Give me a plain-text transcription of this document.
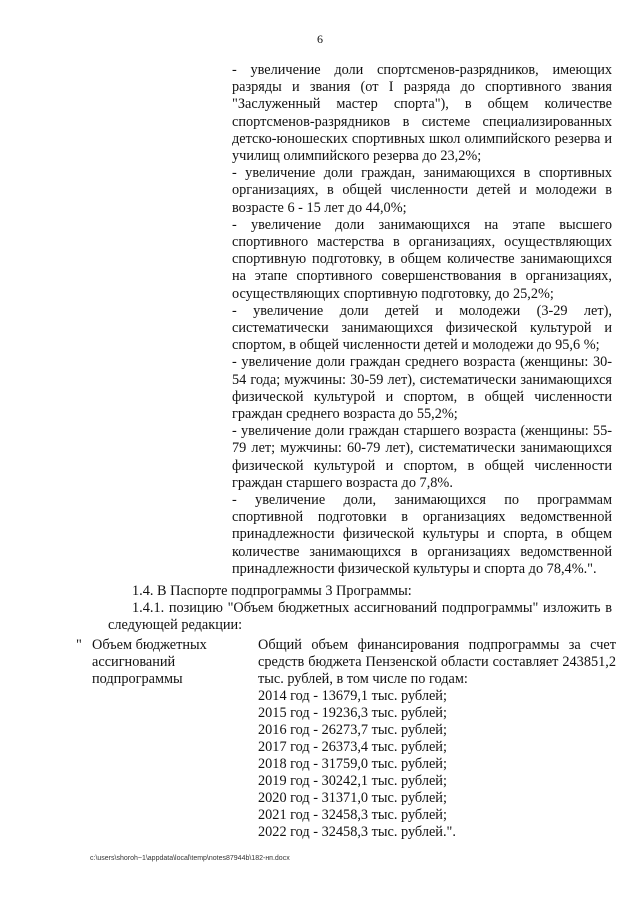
6

- увеличение доли спортсменов-разрядников, имеющих разряды и звания (от I разряда до спортивного звания "Заслуженный мастер спорта"), в общем количестве спортсменов-разрядников в системе специализированных детско-юношеских спортивных школ олимпийского резерва и училищ олимпийского резерва до 23,2%;

- увеличение доли граждан, занимающихся в спортивных организациях, в общей численности детей и молодежи в возрасте 6 - 15 лет до 44,0%;

- увеличение доли занимающихся на этапе высшего спортивного мастерства в организациях, осуществляющих спортивную подготовку, в общем количестве занимающихся на этапе спортивного совершенствования в организациях, осуществляющих спортивную подготовку, до 25,2%;

- увеличение доли детей и молодежи (3-29 лет), систематически занимающихся физической культурой и спортом, в общей численности детей и молодежи до 95,6 %;

- увеличение доли граждан среднего возраста (женщины: 30-54 года; мужчины: 30-59 лет), систематически занимающихся физической культурой и спортом, в общей численности граждан среднего возраста до 55,2%;

- увеличение доли граждан старшего возраста (женщины: 55-79 лет; мужчины: 60-79 лет), систематически занимающихся физической культурой и спортом, в общей численности граждан старшего возраста до 7,8%.

- увеличение доли, занимающихся по программам спортивной подготовки в организациях ведомственной принадлежности физической культуры и спорта, в общем количестве занимающихся в организациях ведомственной принадлежности физической культуры и спорта до 78,4%.".

1.4. В Паспорте подпрограммы 3 Программы:
1.4.1. позицию "Объем бюджетных ассигнований подпрограммы" изложить в следующей редакции:
" Объем бюджетных ассигнований подпрограммы

Общий объем финансирования подпрограммы за счет средств бюджета Пензенской области составляет 243851,2 тыс. рублей, в том числе по годам:

2014 год - 13679,1 тыс. рублей;

2015 год - 19236,3 тыс. рублей;

2016 год - 26273,7 тыс. рублей;

2017 год - 26373,4 тыс. рублей;

2018 год - 31759,0 тыс. рублей;

2019 год - 30242,1 тыс. рублей;

2020 год - 31371,0 тыс. рублей;

2021 год - 32458,3 тыс. рублей;

2022 год - 32458,3 тыс. рублей.".

c:\users\shoroh~1\appdata\local\temp\notes87944b\182-нп.docx
